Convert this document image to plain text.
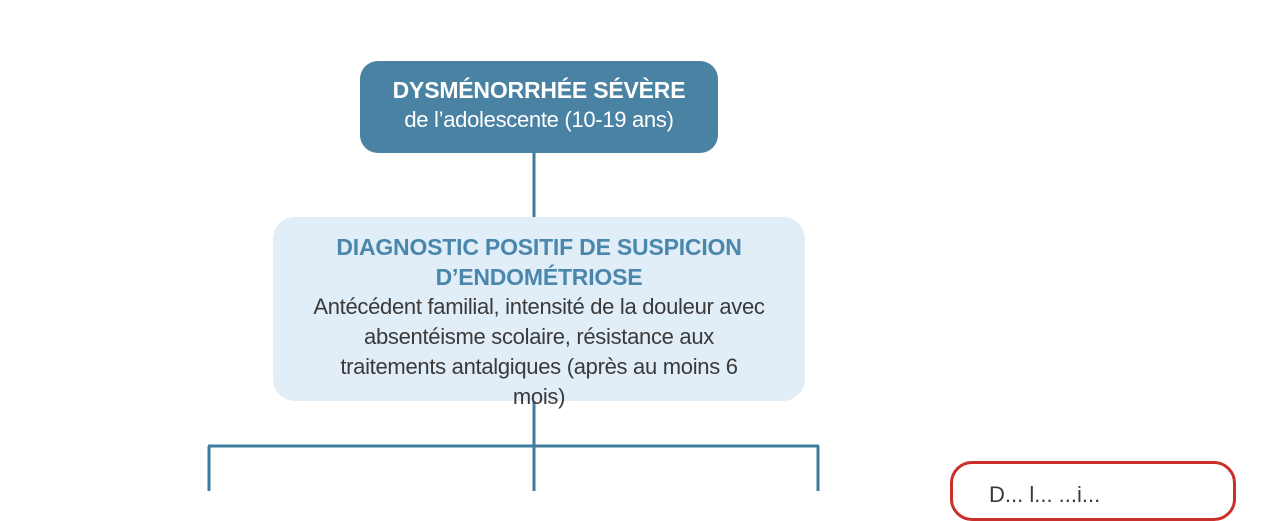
DYSMÉNORRHÉE SÉVÈRE
de l’adolescente (10-19 ans)
DIAGNOSTIC POSITIF DE SUSPICION D’ENDOMÉTRIOSE
Antécédent familial, intensité de la douleur avec absentéisme scolaire, résistance aux traitements antalgiques (après au moins 6 mois)
D... l... ...i...
